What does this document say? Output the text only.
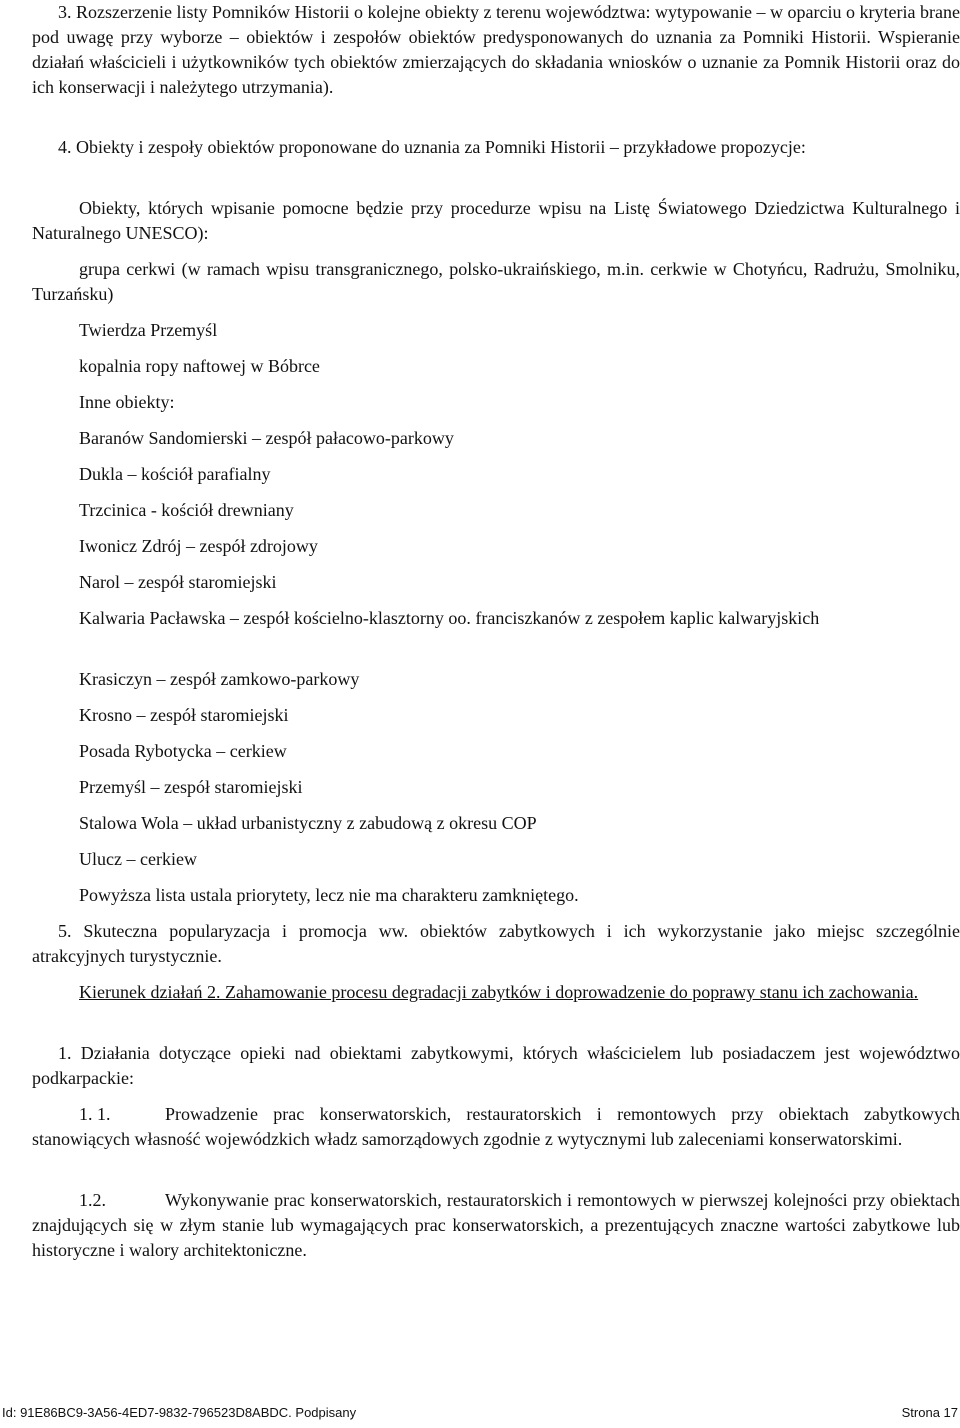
3. Rozszerzenie listy Pomników Historii o kolejne obiekty z terenu województwa: wytypowanie – w oparciu o kryteria brane pod uwagę przy wyborze – obiektów i zespołów obiektów predysponowanych do uznania za Pomniki Historii. Wspieranie działań właścicieli i użytkowników tych obiektów zmierzających do składania wniosków o uznanie za Pomnik Historii oraz do ich konserwacji i należytego utrzymania).

4. Obiekty i zespoły obiektów proponowane do uznania za Pomniki Historii – przykładowe propozycje:

Obiekty, których wpisanie pomocne będzie przy procedurze wpisu na Listę Światowego Dziedzictwa Kulturalnego i Naturalnego UNESCO):

grupa cerkwi (w ramach wpisu transgranicznego, polsko-ukraińskiego, m.in. cerkwie w Chotyńcu, Radrużu, Smolniku, Turzańsku)

Twierdza Przemyśl

kopalnia ropy naftowej w Bóbrce

Inne obiekty:

Baranów Sandomierski – zespół pałacowo-parkowy

Dukla – kościół parafialny

Trzcinica - kościół drewniany

Iwonicz Zdrój – zespół zdrojowy

Narol – zespół staromiejski

Kalwaria Pacławska – zespół kościelno-klasztorny oo. franciszkanów z zespołem kaplic kalwaryjskich

Krasiczyn – zespół zamkowo-parkowy

Krosno – zespół staromiejski

Posada Rybotycka – cerkiew

Przemyśl – zespół staromiejski

Stalowa Wola – układ urbanistyczny z zabudową z okresu COP

Ulucz – cerkiew

Powyższa lista ustala priorytety, lecz nie ma charakteru zamkniętego.

5. Skuteczna popularyzacja i promocja ww. obiektów zabytkowych i ich wykorzystanie jako miejsc szczególnie atrakcyjnych turystycznie.

Kierunek działań 2. Zahamowanie procesu degradacji zabytków i doprowadzenie do poprawy stanu ich zachowania.

1. Działania dotyczące opieki nad obiektami zabytkowymi, których właścicielem lub posiadaczem jest województwo podkarpackie:

1. 1.	Prowadzenie prac konserwatorskich, restauratorskich i remontowych przy obiektach zabytkowych stanowiących własność wojewódzkich władz samorządowych zgodnie z wytycznymi lub zaleceniami konserwatorskimi.

1.2.	Wykonywanie prac konserwatorskich, restauratorskich i remontowych w pierwszej kolejności przy obiektach znajdujących się w złym stanie lub wymagających prac konserwatorskich, a prezentujących znaczne wartości zabytkowe lub historyczne i walory architektoniczne.

Id: 91E86BC9-3A56-4ED7-9832-796523D8ABDC. Podpisany	Strona 17
